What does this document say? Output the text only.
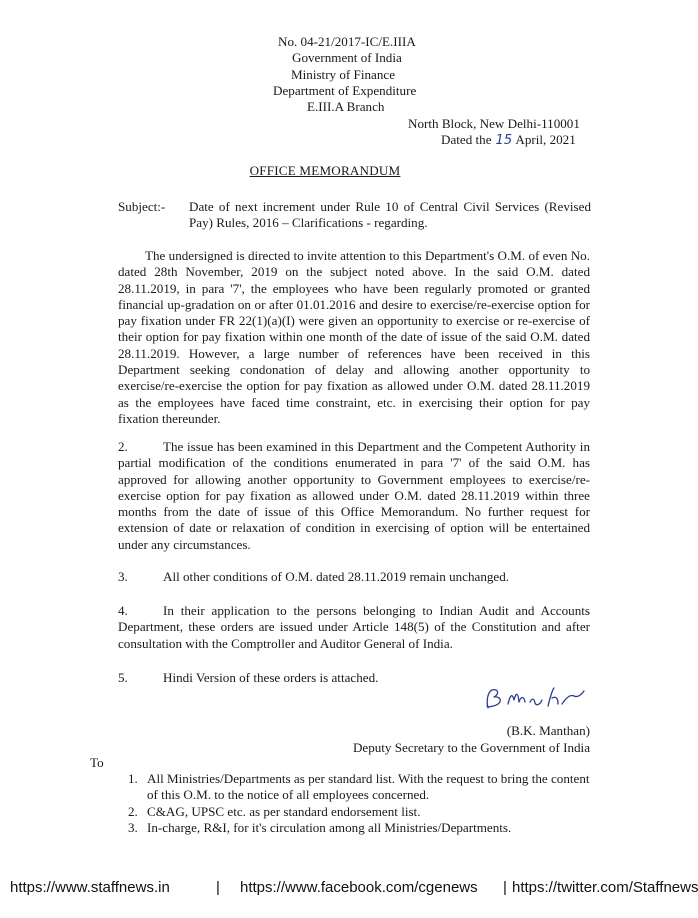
No. 04-21/2017-IC/E.IIIA
Government of India
Ministry of Finance
Department of Expenditure
E.III.A Branch
North Block, New Delhi-110001
Dated the 15 April, 2021
OFFICE MEMORANDUM
Subject:- Date of next increment under Rule 10 of Central Civil Services (Revised Pay) Rules, 2016 – Clarifications - regarding.

The undersigned is directed to invite attention to this Department's O.M. of even No. dated 28th November, 2019 on the subject noted above. In the said O.M. dated 28.11.2019, in para '7', the employees who have been regularly promoted or granted financial up-gradation on or after 01.01.2016 and desire to exercise/re-exercise option for pay fixation under FR 22(1)(a)(I) were given an opportunity to exercise or re-exercise of their option for pay fixation within one month of the date of issue of the said O.M. dated 28.11.2019. However, a large number of references have been received in this Department seeking condonation of delay and allowing another opportunity to exercise/re-exercise the option for pay fixation as allowed under O.M. dated 28.11.2019 as the employees have faced time constraint, etc. in exercising their option for pay fixation thereunder.

2.	The issue has been examined in this Department and the Competent Authority in partial modification of the conditions enumerated in para '7' of the said O.M. has approved for allowing another opportunity to Government employees to exercise/re-exercise option for pay fixation as allowed under O.M. dated 28.11.2019 within three months from the date of issue of this Office Memorandum. No further request for extension of date or relaxation of condition in exercising of option will be entertained under any circumstances.
3.	All other conditions of O.M. dated 28.11.2019 remain unchanged.
4.	In their application to the persons belonging to Indian Audit and Accounts Department, these orders are issued under Article 148(5) of the Constitution and after consultation with the Comptroller and Auditor General of India.
5.	Hindi Version of these orders is attached.
(B.K. Manthan)
Deputy Secretary to the Government of India
To
1. All Ministries/Departments as per standard list. With the request to bring the content of this O.M. to the notice of all employees concerned.
2. C&AG, UPSC etc. as per standard endorsement list.
3. In-charge, R&I, for it's circulation among all Ministries/Departments.
https://www.staffnews.in	| https://www.facebook.com/cgenews | https://twitter.com/Staffnews
